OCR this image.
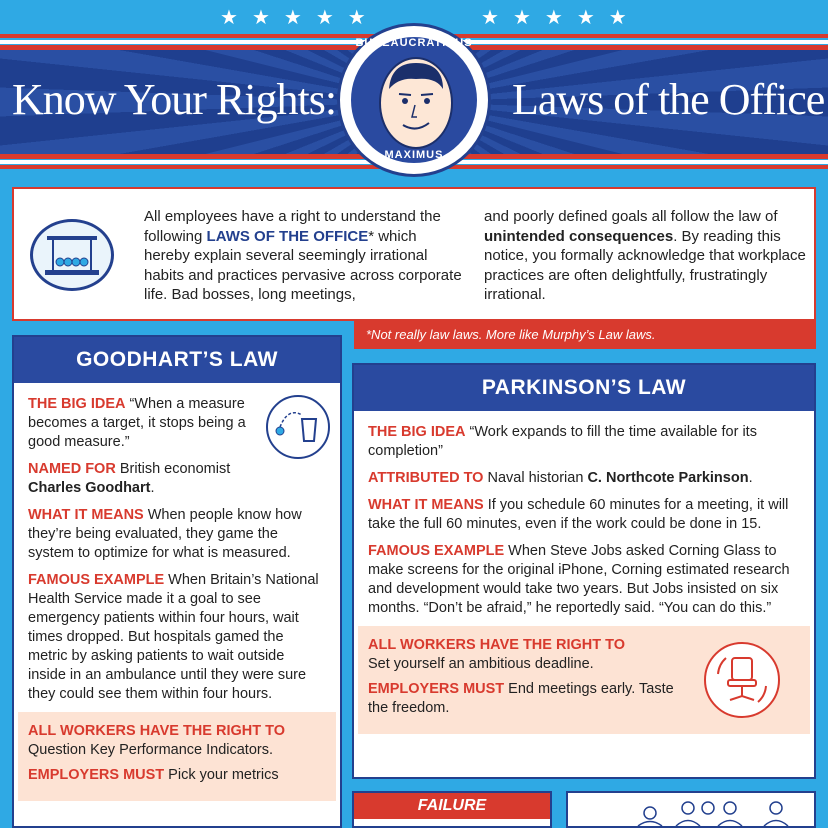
★ ★ ★ ★ ★	★ ★ ★ ★ ★
Know Your Rights:	Laws of the Office
BUREAUCRATICUS
MAXIMUS
All employees have a right to understand the following LAWS OF THE OFFICE* which hereby explain several seemingly irrational habits and practices pervasive across corporate life. Bad bosses, long meetings,
and poorly defined goals all follow the law of unintended consequences. By reading this notice, you formally acknowledge that workplace practices are often delightfully, frustratingly irrational.
*Not really law laws. More like Murphy’s Law laws.
GOODHART’S LAW

THE BIG IDEA “When a measure becomes a target, it stops being a good measure.”

NAMED FOR British economist Charles Goodhart.

WHAT IT MEANS When people know how they’re being evaluated, they game the system to optimize for what is measured.

FAMOUS EXAMPLE When Britain’s National Health Service made it a goal to see emergency patients within four hours, wait times dropped. But hospitals gamed the metric by asking patients to wait outside inside in an ambulance until they were sure they could see them within four hours.

ALL WORKERS HAVE THE RIGHT TO
Question Key Performance Indicators.

EMPLOYERS MUST Pick your metrics

PARKINSON’S LAW

THE BIG IDEA “Work expands to fill the time available for its completion”

ATTRIBUTED TO Naval historian C. Northcote Parkinson.

WHAT IT MEANS If you schedule 60 minutes for a meeting, it will take the full 60 minutes, even if the work could be done in 15.

FAMOUS EXAMPLE When Steve Jobs asked Corning Glass to make screens for the original iPhone, Corning estimated research and development would take two years. But Jobs insisted on six months. “Don’t be afraid,” he reportedly said. “You can do this.”

ALL WORKERS HAVE THE RIGHT TO
Set yourself an ambitious deadline.

EMPLOYERS MUST End meetings early. Taste the freedom.

FAILURE
